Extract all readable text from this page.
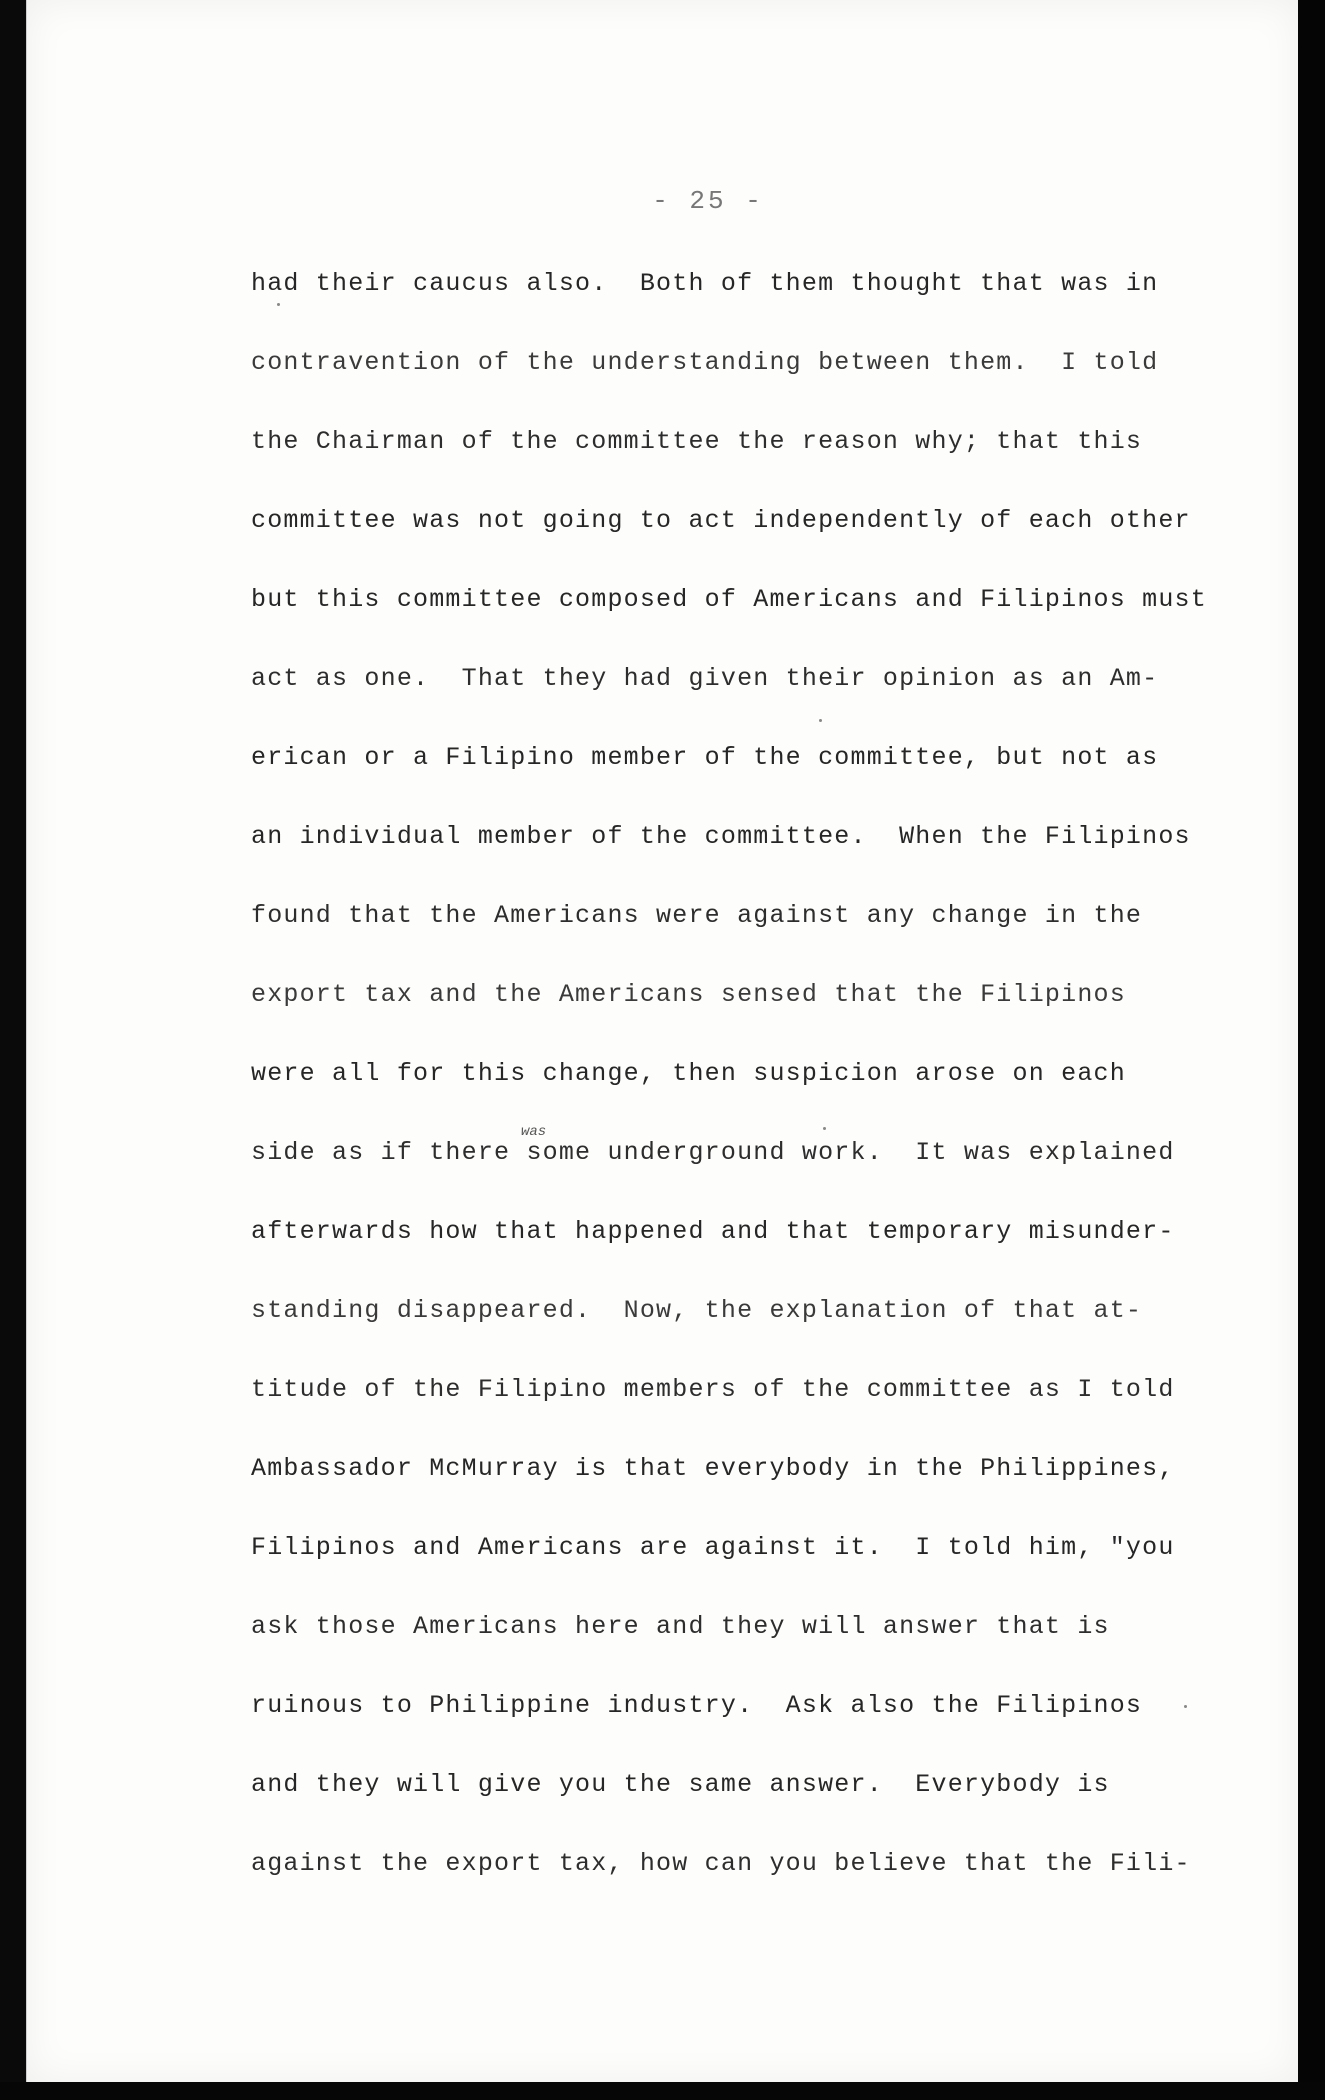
- 25 -
had their caucus also.  Both of them thought that was in
contravention of the understanding between them.  I told
the Chairman of the committee the reason why; that this
committee was not going to act independently of each other
but this committee composed of Americans and Filipinos must
act as one.  That they had given their opinion as an Am-
erican or a Filipino member of the committee, but not as
an individual member of the committee.  When the Filipinos
found that the Americans were against any change in the
export tax and the Americans sensed that the Filipinos
were all for this change, then suspicion arose on each
side as if there some underground work.  It was explained
afterwards how that happened and that temporary misunder-
standing disappeared.  Now, the explanation of that at-
titude of the Filipino members of the committee as I told
Ambassador McMurray is that everybody in the Philippines,
Filipinos and Americans are against it.  I told him, "you
ask those Americans here and they will answer that is
ruinous to Philippine industry.  Ask also the Filipinos
and they will give you the same answer.  Everybody is
against the export tax, how can you believe that the Fili-
was
